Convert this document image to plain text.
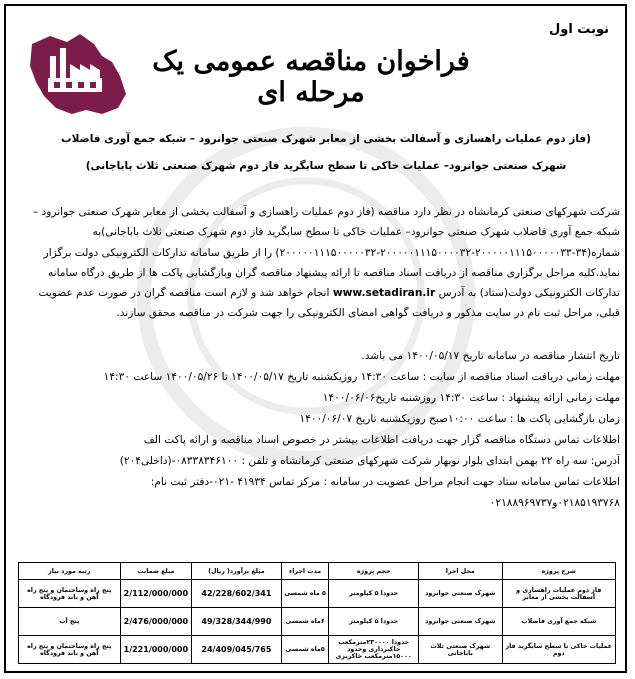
نوبت اول
فراخوان مناقصه عمومی یک مرحله ای
(فاز دوم عملیات راهسازی و آسفالت بخشی از معابر شهرک صنعتی جوانرود – شبکه جمع آوری فاضلاب
شهرک صنعتی جوانرود– عملیات خاکی تا سطح سابگرید فاز دوم شهرک صنعتی ثلاث باباجانی)

شرکت شهرکهای صنعتی کرمانشاه در نظر دارد مناقصه (فاز دوم عملیات راهسازی و آسفالت بخشی از معابر شهرک صنعتی جوانرود – شبکه جمع آوری فاضلاب شهرک صنعتی جوانرود– عملیات خاکی تا سطح سابگرید فاز دوم شهرک صنعتی ثلاث باباجانی)به شماره(۳۴-۲۰۰۰۰۰۱۱۱۵۰۰۰۰۰۳۳-۲۰۰۰۰۰۱۱۱۵۰۰۰۰۳۲-۲۰۰۰۰۰۱۱۱۵۰۰۰۰۰۳۲) را از طریق سامانه تدارکات الکترونیکی دولت برگزار نماید.کلیه مراحل برگزاری مناقصه از دریافت اسناد مناقصه تا ارائه پیشنهاد مناقصه گران وبازگشایی پاکت ها از طریق درگاه سامانه تدارکات الکترونیکی دولت(ستاد) به آدرس www.setadiran.ir انجام خواهد شد و لازم است مناقصه گران در صورت عدم عضویت قبلی، مراحل ثبت نام در سایت مذکور و دریافت گواهی امضای الکترونیکی را جهت شرکت در مناقصه محقق سازند.

تاریخ انتشار مناقصه در سامانه تاریخ ۱۴۰۰/۰۵/۱۷ می باشد.
مهلت زمانی دریافت اسناد مناقصه از سایت : ساعت ۱۴:۳۰ روزیکشنبه تاریخ ۱۴۰۰/۰۵/۱۷ تا ۱۴۰۰/۰۵/۲۶ ساعت ۱۴:۳۰
مهلت زمانی ارائه پیشنهاد : ساعت ۱۴:۳۰ روزشنبه تاریخ۱۴۰۰/۰۶/۰۶
زمان بازگشایی پاکت ها : ساعت ۱۰:۰۰صبح روزیکشنبه تاریخ ۱۴۰۰/۰۶/۰۷
اطلاعات تماس دستگاه مناقصه گزار جهت دریافت اطلاعات بیشتر در خصوص اسناد مناقصه و ارائه پاکت الف
آدرس: سه راه ۲۲ بهمن ابتدای بلوار نوبهار شرکت شهرکهای صنعتی کرمانشاه و تلفن : ۰۸۳۳۸۳۴۶۱۰۰-(داخلی۲۰۴)
اطلاعات تماس سامانه ستاد جهت انجام مراحل عضویت در سامانه : مرکز تماس ۴۱۹۳۴ -۰۲۱-دفتر ثبت نام:
۰۲۱۸۵۱۹۳۷۶۸و۰۲۱۸۸۹۶۹۷۳۷
شرح پروژه	محل اجرا	حجم پروژه	مدت اجراء	مبلغ برآورد( ریال)	مبلغ ضمانت	رتبه مورد نیاز
فاز دوم عملیات راهسازی و آسفالت بخشی از معابر	شهرک صنعتی جوانرود	حدودا ۵ کیلومتر	۵ ماه شمسی	42/228/602/341	2/112/000/000	پنج راه وساختمان و پنج راه آهن و باند فرودگاه
شبکه جمع آوری فاضلاب	شهرک صنعتی جوانرود	حدودا ۵ کیلومتر	۶ماه شمسی	49/328/344/990	2/476/000/000	پنج آب
عملیات خاکی تا سطح سابگرید فاز دوم	شهرک صنعتی ثلاث باباجانی	حدودا ۲۳۰۰۰۰مترمکعب خاکبرداری وحدود ۱۵۰۰۰مترمکعب خاکریزی	۵ماه شمسی	24/409/045/765	1/221/000/000	پنج راه وساختمان و پنج راه آهن و باند فرودگاه
